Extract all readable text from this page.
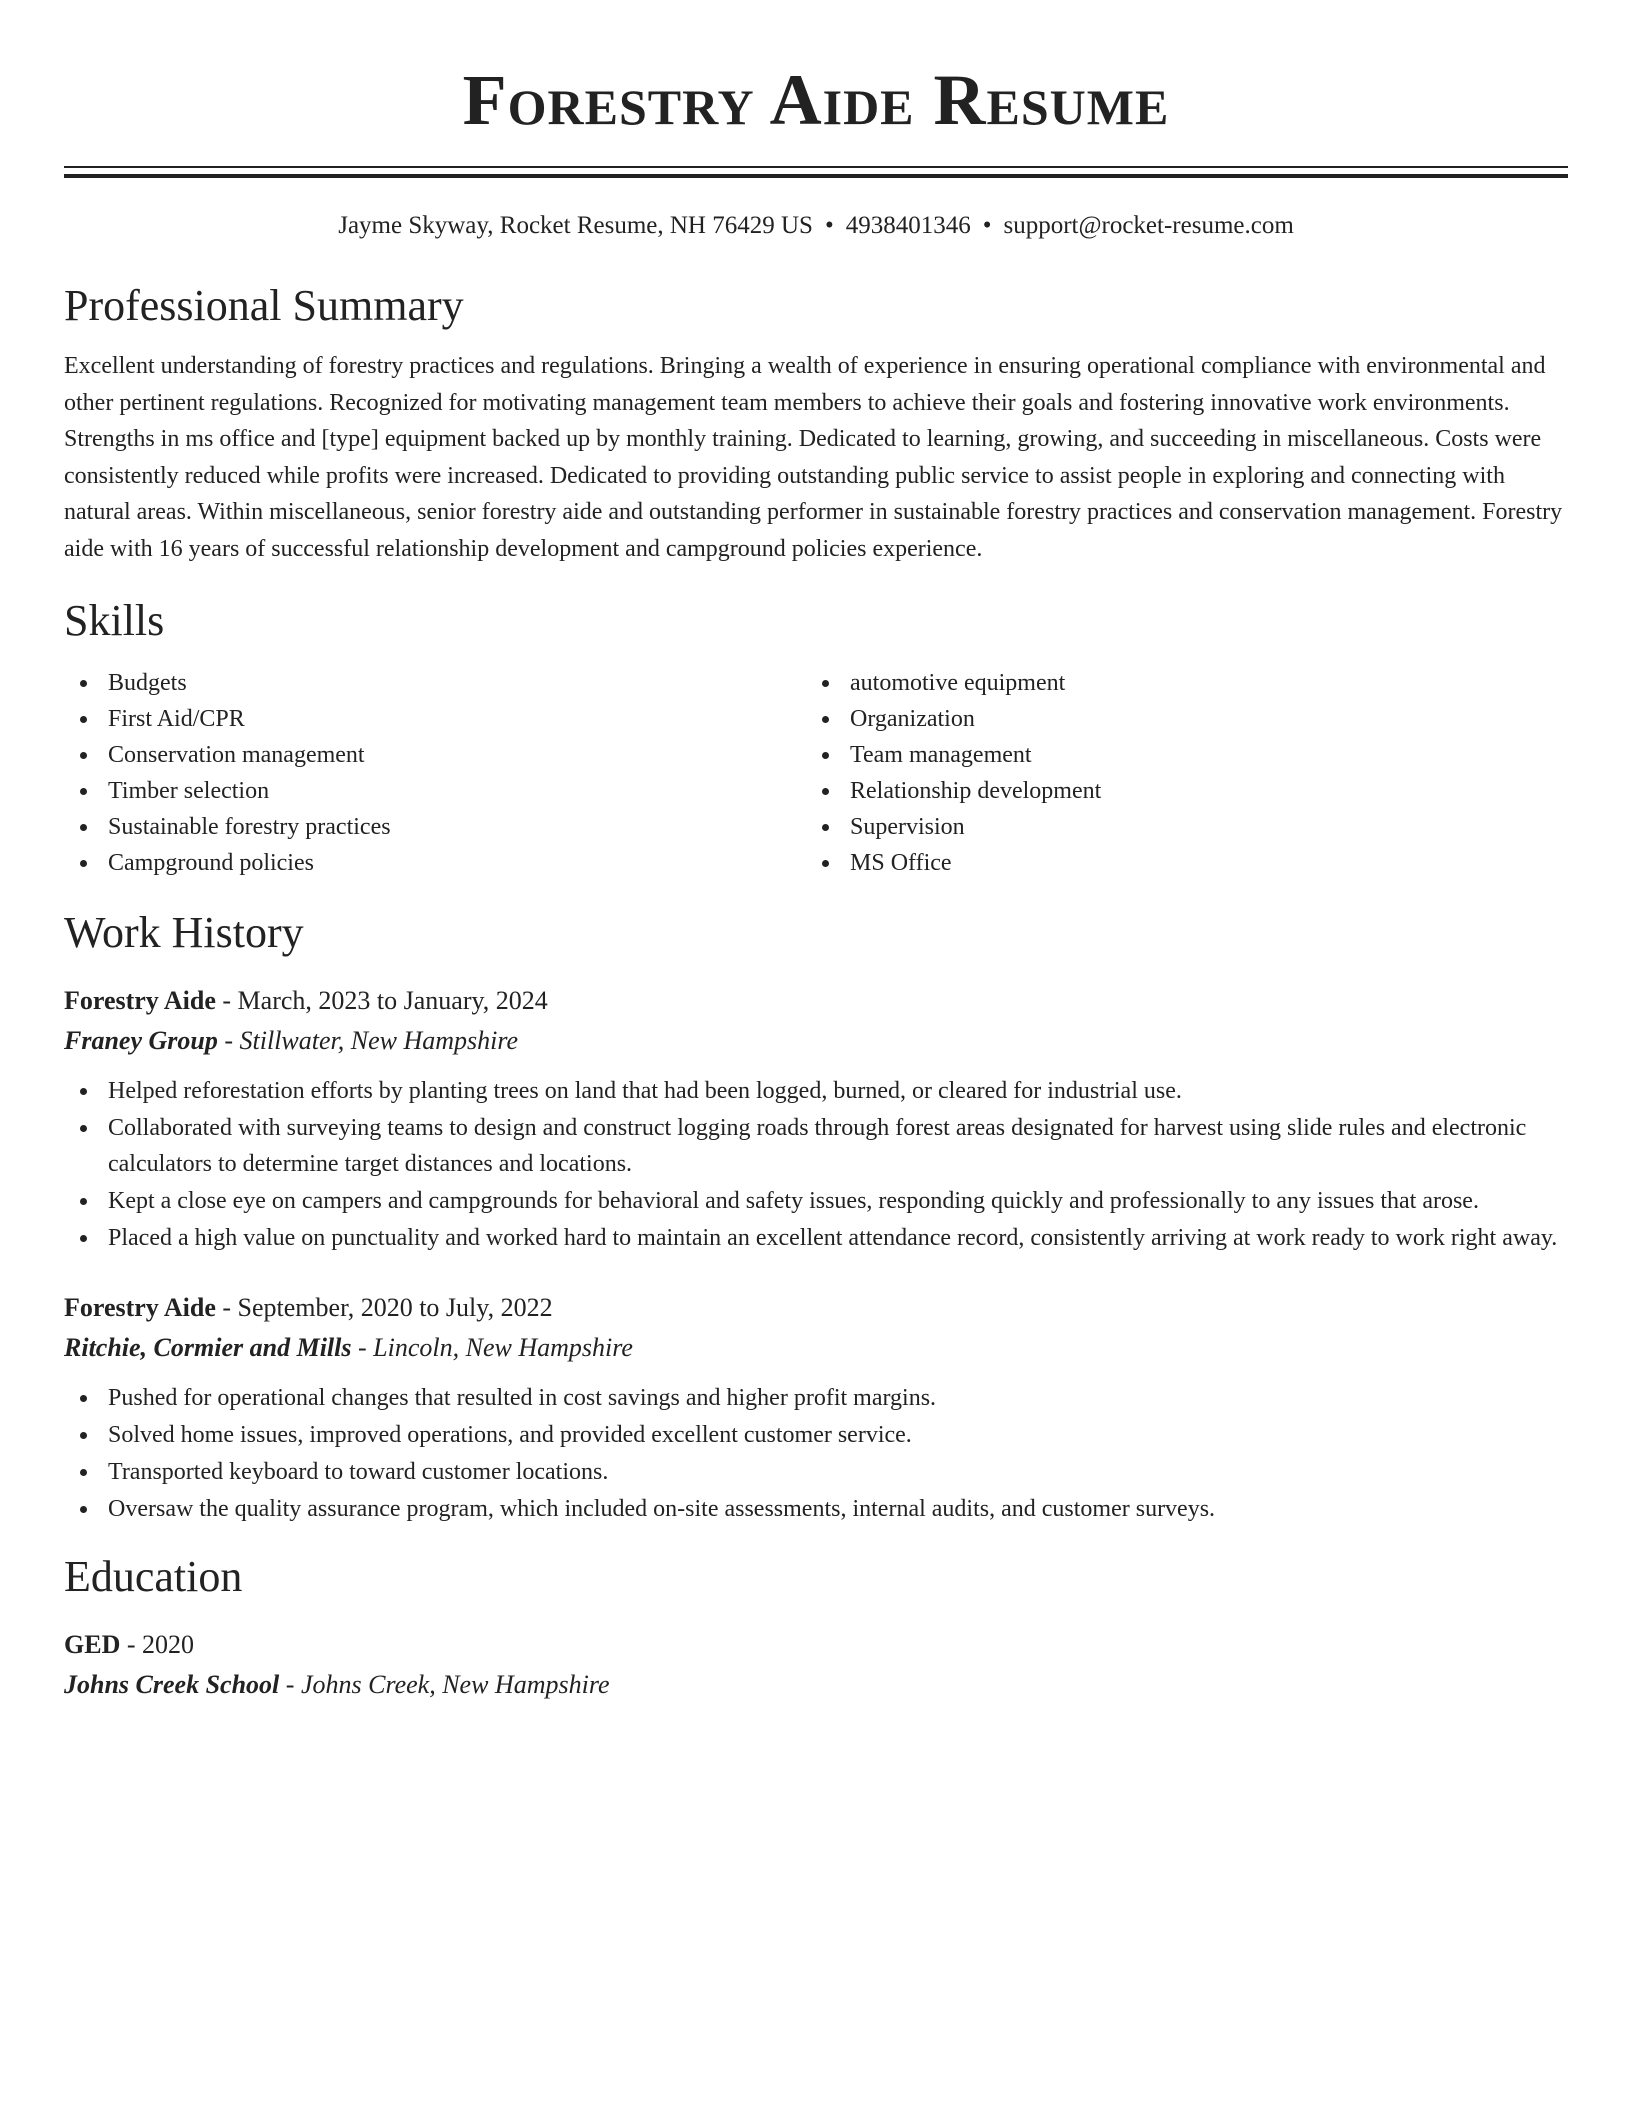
Forestry Aide Resume
Jayme Skyway, Rocket Resume, NH 76429 US • 4938401346 • support@rocket-resume.com
Professional Summary

Excellent understanding of forestry practices and regulations. Bringing a wealth of experience in ensuring operational compliance with environmental and other pertinent regulations. Recognized for motivating management team members to achieve their goals and fostering innovative work environments. Strengths in ms office and [type] equipment backed up by monthly training. Dedicated to learning, growing, and succeeding in miscellaneous. Costs were consistently reduced while profits were increased. Dedicated to providing outstanding public service to assist people in exploring and connecting with natural areas. Within miscellaneous, senior forestry aide and outstanding performer in sustainable forestry practices and conservation management. Forestry aide with 16 years of successful relationship development and campground policies experience.

Skills
Budgets
First Aid/CPR
Conservation management
Timber selection
Sustainable forestry practices
Campground policies
automotive equipment
Organization
Team management
Relationship development
Supervision
MS Office
Work History
Forestry Aide - March, 2023 to January, 2024
Franey Group - Stillwater, New Hampshire
Helped reforestation efforts by planting trees on land that had been logged, burned, or cleared for industrial use.
Collaborated with surveying teams to design and construct logging roads through forest areas designated for harvest using slide rules and electronic calculators to determine target distances and locations.
Kept a close eye on campers and campgrounds for behavioral and safety issues, responding quickly and professionally to any issues that arose.
Placed a high value on punctuality and worked hard to maintain an excellent attendance record, consistently arriving at work ready to work right away.
Forestry Aide - September, 2020 to July, 2022
Ritchie, Cormier and Mills - Lincoln, New Hampshire
Pushed for operational changes that resulted in cost savings and higher profit margins.
Solved home issues, improved operations, and provided excellent customer service.
Transported keyboard to toward customer locations.
Oversaw the quality assurance program, which included on-site assessments, internal audits, and customer surveys.
Education
GED - 2020
Johns Creek School - Johns Creek, New Hampshire
